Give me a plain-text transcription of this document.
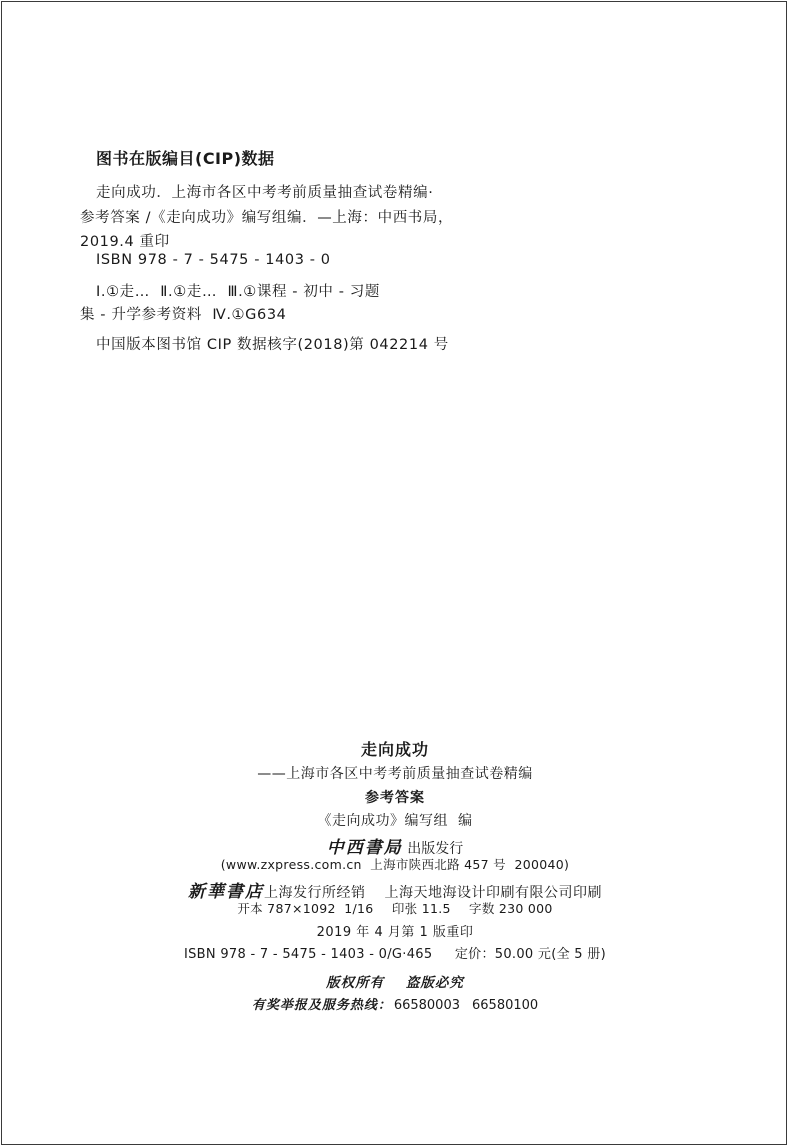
图书在版编目(CIP)数据
走向成功．上海市各区中考考前质量抽查试卷精编·
参考答案 /《走向成功》编写组编．—上海：中西书局，
2019.4 重印
ISBN 978 - 7 - 5475 - 1403 - 0
Ⅰ.①走…  Ⅱ.①走…  Ⅲ.①课程 - 初中 - 习题
集 - 升学参考资料  Ⅳ.①G634
中国版本图书馆 CIP 数据核字(2018)第 042214 号
走向成功
——上海市各区中考考前质量抽查试卷精编
参考答案
《走向成功》编写组  编
中西書局 出版发行
(www.zxpress.com.cn  上海市陕西北路 457 号  200040)
新華書店上海发行所经销 上海天地海设计印刷有限公司印刷
开本 787×1092  1/16 印张 11.5 字数 230 000
2019 年 4 月第 1 版重印
ISBN 978 - 7 - 5475 - 1403 - 0/G·465 定价：50.00 元(全 5 册)
版权所有 盗版必究
有奖举报及服务热线： 66580003 66580100
